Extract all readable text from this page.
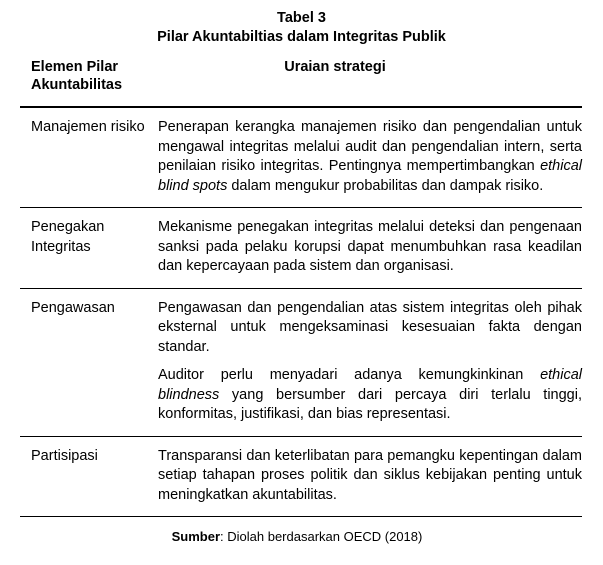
Tabel 3
Pilar Akuntabiltias dalam Integritas Publik
Elemen Pilar
Akuntabilitas	Uraian strategi

Manajemen risiko	Penerapan kerangka manajemen risiko dan pengendalian untuk mengawal integritas melalui audit dan pengendalian intern, serta penilaian risiko integritas. Pentingnya mempertimbangkan ethical blind spots dalam mengukur probabilitas dan dampak risiko.

Penegakan Integritas	Mekanisme penegakan integritas melalui deteksi dan pengenaan sanksi pada pelaku korupsi dapat menumbuhkan rasa keadilan dan kepercayaan pada sistem dan organisasi.

Pengawasan	Pengawasan dan pengendalian atas sistem integritas oleh pihak eksternal untuk mengeksaminasi kesesuaian fakta dengan standar.

Auditor perlu menyadari adanya kemungkinkinan ethical blindness yang bersumber dari percaya diri terlalu tinggi, konformitas, justifikasi, dan bias representasi.

Partisipasi	Transparansi dan keterlibatan para pemangku kepentingan dalam setiap tahapan proses politik dan siklus kebijakan penting untuk meningkatkan akuntabilitas.

Sumber: Diolah berdasarkan OECD (2018)
